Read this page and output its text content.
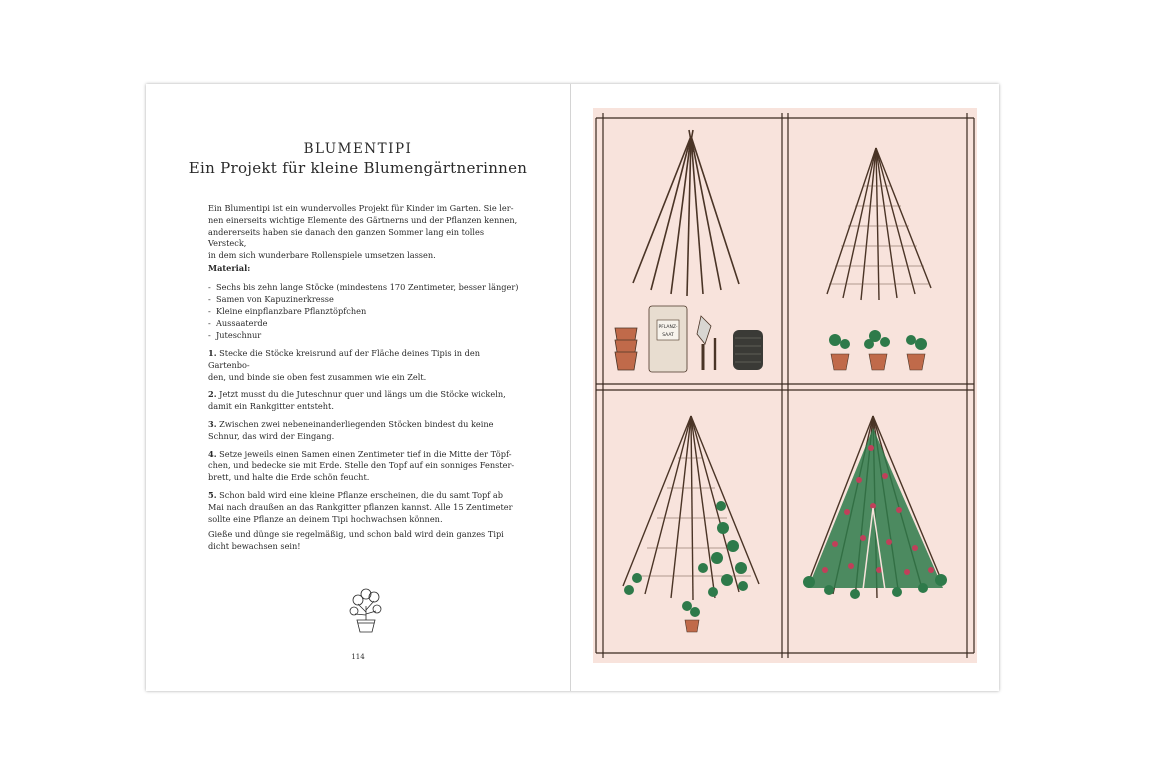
BLUMENTIPI
Ein Projekt für kleine Blumengärtnerinnen
Ein Blumentipi ist ein wundervolles Projekt für Kinder im Garten. Sie ler-
nen einerseits wichtige Elemente des Gärtnerns und der Pflanzen kennen,
andererseits haben sie danach den ganzen Sommer lang ein tolles Versteck,
in dem sich wunderbare Rollenspiele umsetzen lassen.
Material:
- Sechs bis zehn lange Stöcke (mindestens 170 Zentimeter, besser länger)
- Samen von Kapuzinerkresse
- Kleine einpflanzbare Pflanztöpfchen
- Aussaaterde
- Juteschnur
1. Stecke die Stöcke kreisrund auf der Fläche deines Tipis in den Gartenbo-
den, und binde sie oben fest zusammen wie ein Zelt.
2. Jetzt musst du die Juteschnur quer und längs um die Stöcke wickeln,
damit ein Rankgitter entsteht.
3. Zwischen zwei nebeneinanderliegenden Stöcken bindest du keine
Schnur, das wird der Eingang.
4. Setze jeweils einen Samen einen Zentimeter tief in die Mitte der Töpf-
chen, und bedecke sie mit Erde. Stelle den Topf auf ein sonniges Fenster-
brett, und halte die Erde schön feucht.
5. Schon bald wird eine kleine Pflanze erscheinen, die du samt Topf ab
Mai nach draußen an das Rankgitter pflanzen kannst. Alle 15 Zentimeter
sollte eine Pflanze an deinem Tipi hochwachsen können.
Gieße und dünge sie regelmäßig, und schon bald wird dein ganzes Tipi
dicht bewachsen sein!
114
PFLANZ-
SAAT
